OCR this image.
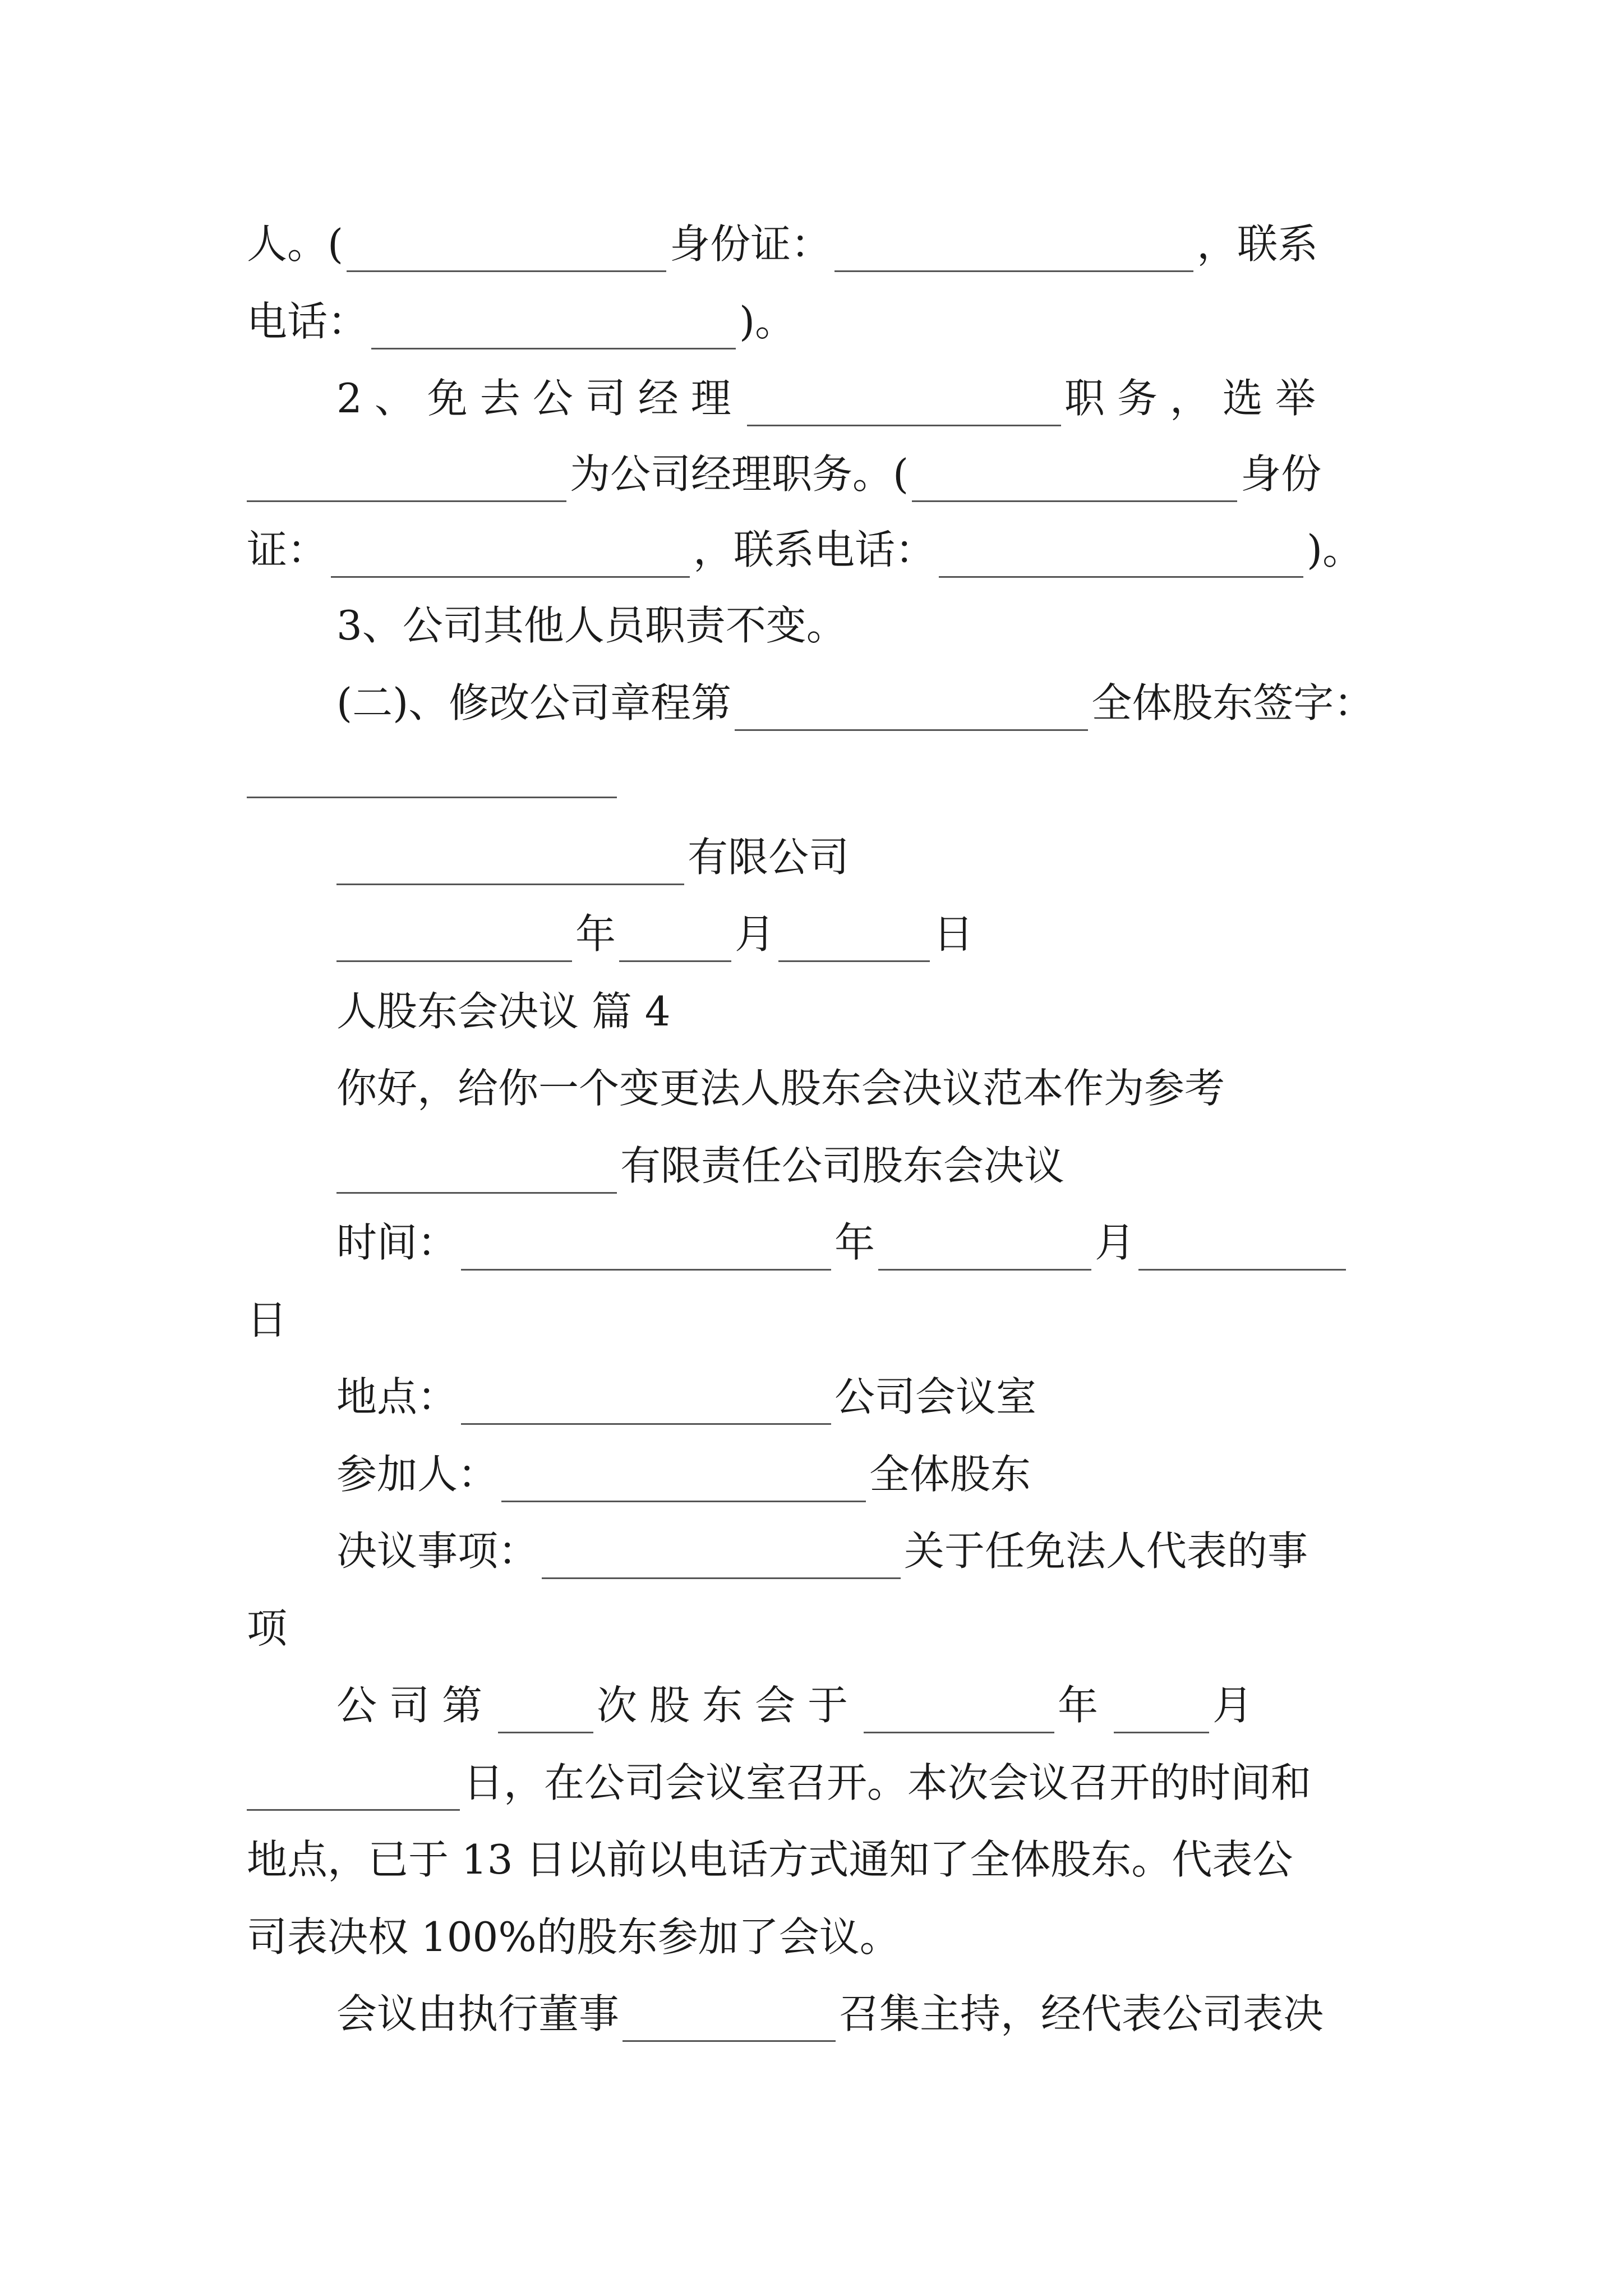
人。(	身份证：	，联系
电话：	)。
2、免去公司经理	职务，选举
为公司经理职务。(	身份
证：	，联系电话：	)。
3、公司其他人员职责不变。
(二)、修改公司章程第	全体股东签字：
有限公司
年	月	日
人股东会决议 篇 4
你好，给你一个变更法人股东会决议范本作为参考
有限责任公司股东会决议
时间：	年	月
日
地点：	公司会议室
参加人：	全体股东
决议事项：	关于任免法人代表的事
项
公司第	次股东会于	年	月
日，在公司会议室召开。本次会议召开的时间和
地点，已于 13 日以前以电话方式通知了全体股东。代表公
司表决权 100%的股东参加了会议。
会议由执行董事	召集主持，经代表公司表决
